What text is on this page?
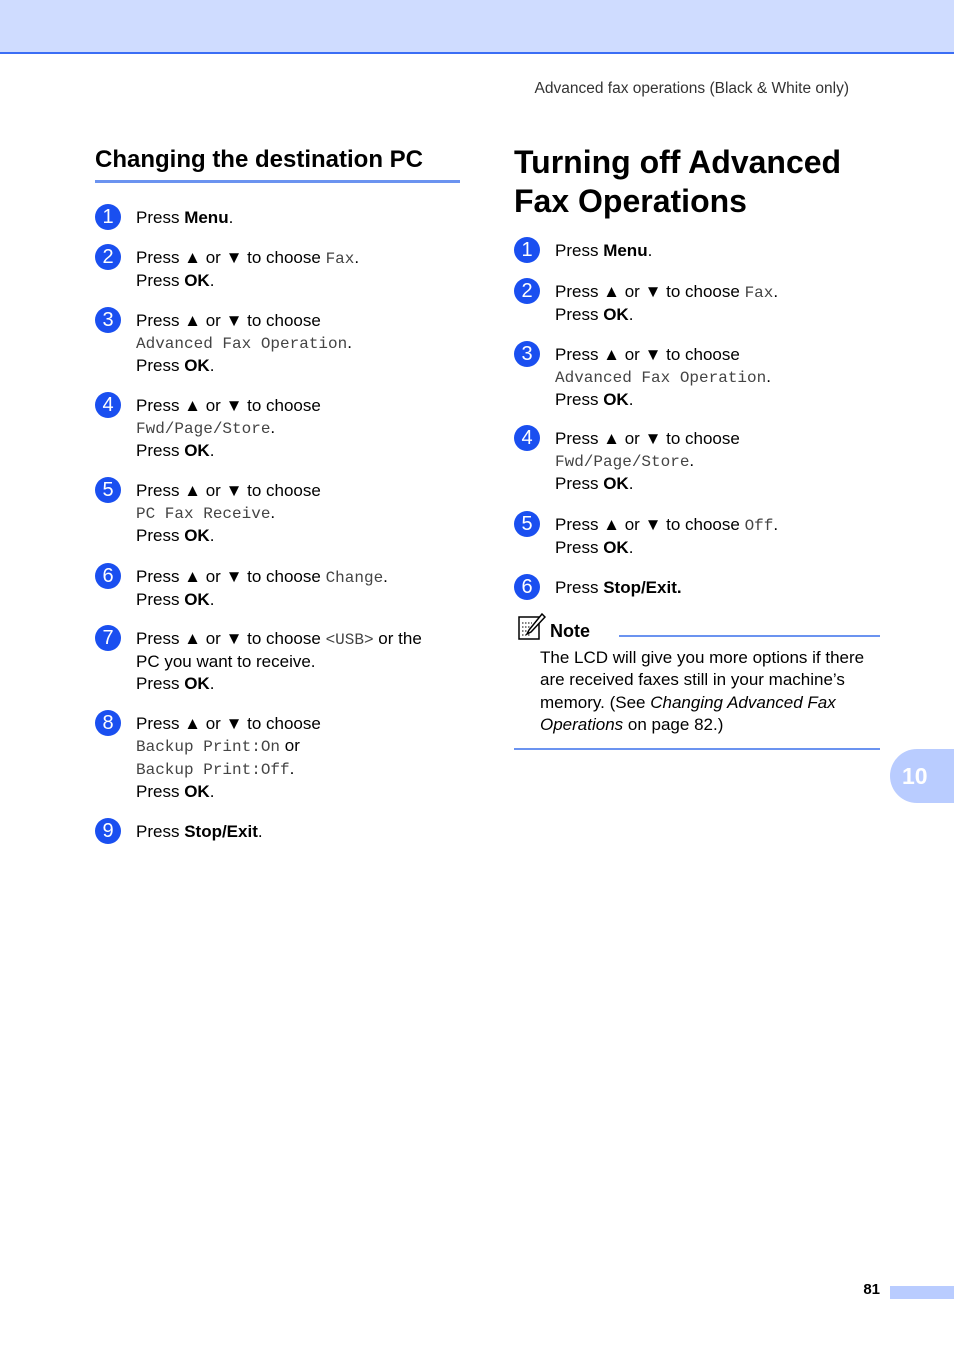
Advanced fax operations (Black & White only)
Changing the destination PC
1	Press Menu.
2	Press ▲ or ▼ to choose Fax.
Press OK.
3	Press ▲ or ▼ to choose
Advanced Fax Operation.
Press OK.
4	Press ▲ or ▼ to choose
Fwd/Page/Store.
Press OK.
5	Press ▲ or ▼ to choose
PC Fax Receive.
Press OK.
6	Press ▲ or ▼ to choose Change.
Press OK.
7	Press ▲ or ▼ to choose <USB> or the
PC you want to receive.
Press OK.
8	Press ▲ or ▼ to choose
Backup Print:On or
Backup Print:Off.
Press OK.
9	Press Stop/Exit.
Turning off Advanced
Fax Operations
1	Press Menu.
2	Press ▲ or ▼ to choose Fax.
Press OK.
3	Press ▲ or ▼ to choose
Advanced Fax Operation.
Press OK.
4	Press ▲ or ▼ to choose
Fwd/Page/Store.
Press OK.
5	Press ▲ or ▼ to choose Off.
Press OK.
6	Press Stop/Exit.
Note
The LCD will give you more options if there are received faxes still in your machine’s memory. (See Changing Advanced Fax Operations on page 82.)
10
81
